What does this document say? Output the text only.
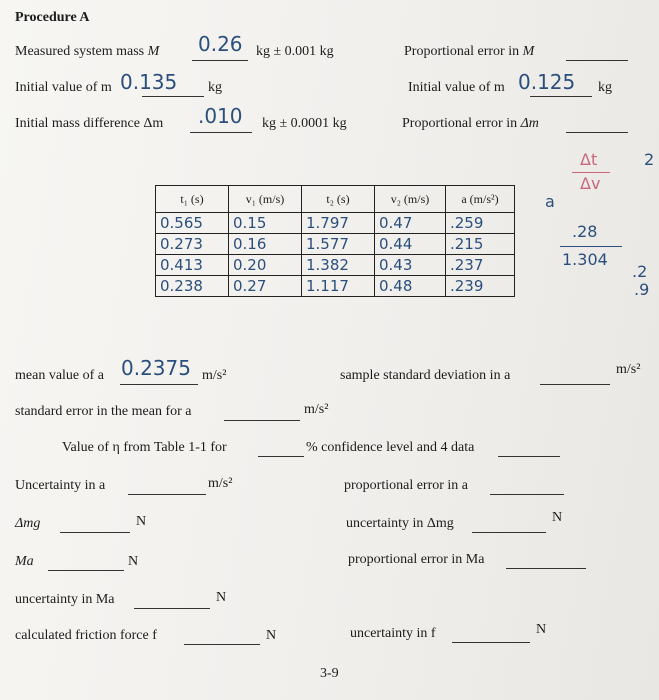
Procedure A
Measured system mass M 0.26 kg ± 0.001 kg	Proportional error in M
Initial value of m 0.135 kg	Initial value of m 0.125 kg
Initial mass difference Δm .010 kg ± 0.0001 kg	Proportional error in Δm
t₁ (s)	v₁ (m/s)	t₂ (s)	v₂ (m/s)	a (m/s²)
0.565	0.15	1.797	0.47	.259
0.273	0.16	1.577	0.44	.215
0.413	0.20	1.382	0.43	.237
0.238	0.27	1.117	0.48	.239
a
Δt
Δv
.28
1.304
.2
.9
2
mean value of a 0.2375 m/s²	sample standard deviation in a	m/s²
standard error in the mean for a	m/s²
Value of η from Table 1-1 for	% confidence level and 4 data
Uncertainty in a	m/s²	proportional error in a
Δmg	N	uncertainty in Δmg	N
Ma	N	proportional error in Ma
uncertainty in Ma	N
calculated friction force f	N	uncertainty in f	N
3-9
